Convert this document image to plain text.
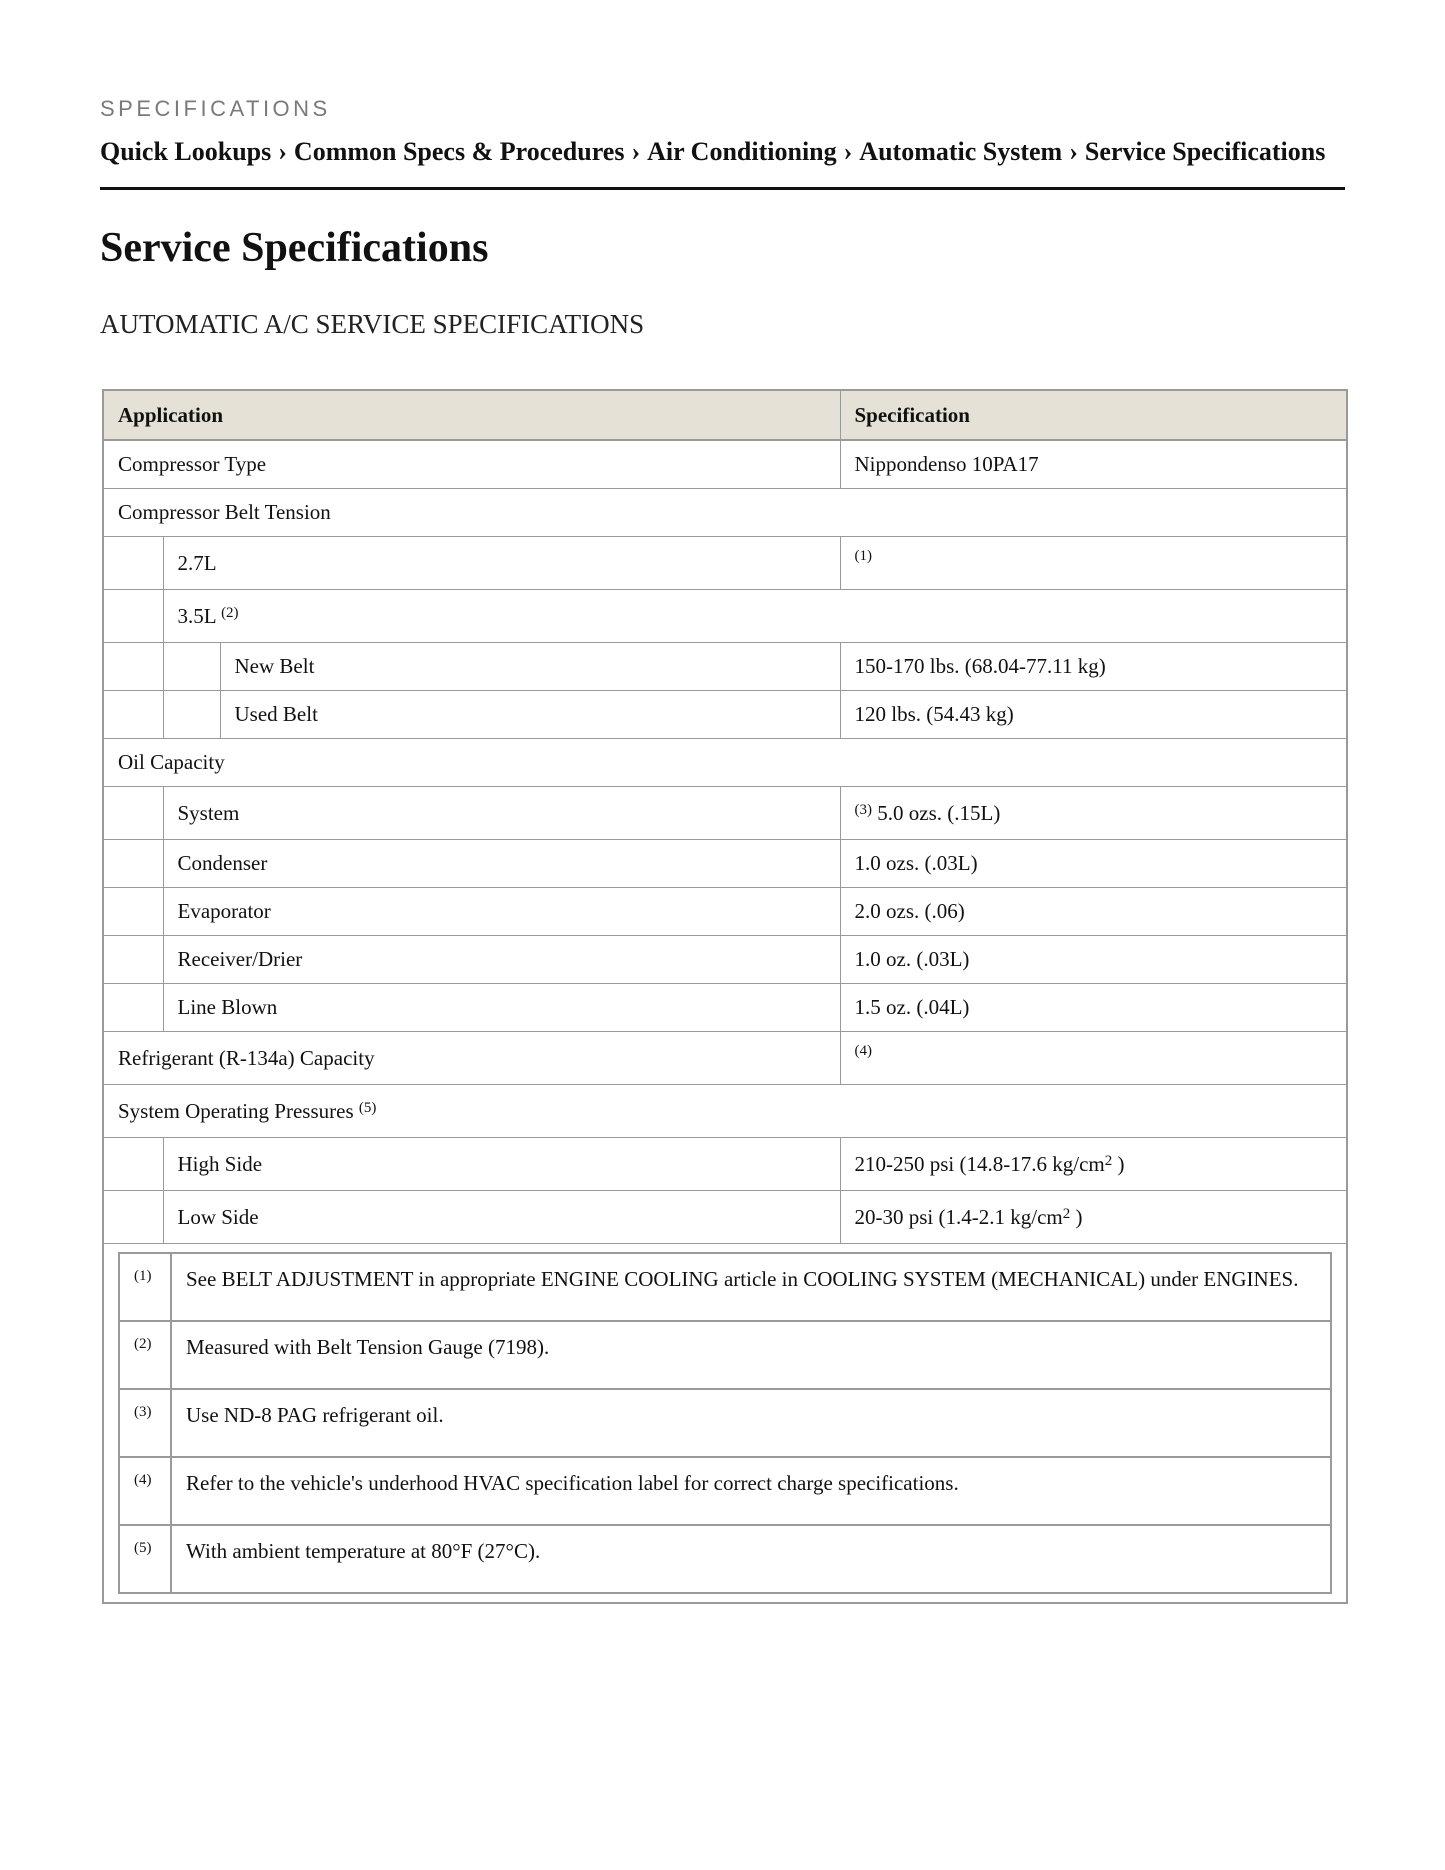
SPECIFICATIONS
Quick Lookups › Common Specs & Procedures › Air Conditioning › Automatic System › Service Specifications
Service Specifications
AUTOMATIC A/C SERVICE SPECIFICATIONS
Application	Specification
Compressor Type	Nippondenso 10PA17
Compressor Belt Tension
	2.7L	$^{(1)}$
	3.5L $^{(2)}$
		New Belt	150-170 lbs. (68.04-77.11 kg)
		Used Belt	120 lbs. (54.43 kg)
Oil Capacity
	System	$^{(3)}$ 5.0 ozs. (.15L)
	Condenser	1.0 ozs. (.03L)
	Evaporator	2.0 ozs. (.06)
	Receiver/Drier	1.0 oz. (.03L)
	Line Blown	1.5 oz. (.04L)
Refrigerant (R-134a) Capacity	$^{(4)}$
System Operating Pressures $^{(5)}$
	High Side	210-250 psi (14.8-17.6 $kg/cm^2$ )
	Low Side	20-30 psi (1.4-2.1 $kg/cm^2$ )

(1)	See BELT ADJUSTMENT in appropriate ENGINE COOLING article in COOLING SYSTEM (MECHANICAL) under ENGINES.
(2)	Measured with Belt Tension Gauge (7198).
(3)	Use ND-8 PAG refrigerant oil.
(4)	Refer to the vehicle's underhood HVAC specification label for correct charge specifications.
(5)	With ambient temperature at 80°F (27°C).
